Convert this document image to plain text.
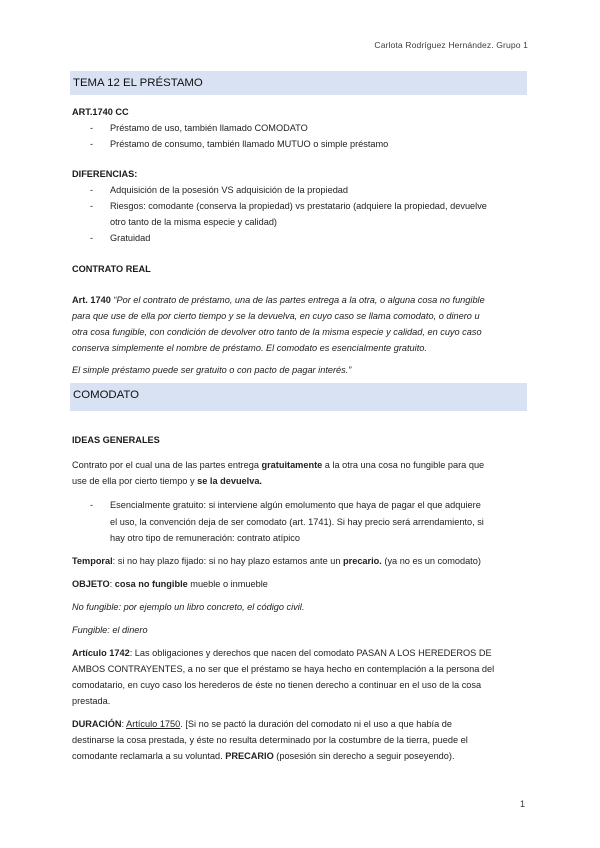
Carlota Rodríguez Hernández. Grupo 1
TEMA 12 EL PRÉSTAMO
ART.1740 CC
- Préstamo de uso, también llamado COMODATO
- Préstamo de consumo, también llamado MUTUO o simple préstamo
DIFERENCIAS:
- Adquisición de la posesión VS adquisición de la propiedad
- Riesgos: comodante (conserva la propiedad) vs prestatario (adquiere la propiedad, devuelve
otro tanto de la misma especie y calidad)
- Gratuidad
CONTRATO REAL
Art. 1740 “Por el contrato de préstamo, una de las partes entrega a la otra, o alguna cosa no fungible
para que use de ella por cierto tiempo y se la devuelva, en cuyo caso se llama comodato, o dinero u
otra cosa fungible, con condición de devolver otro tanto de la misma especie y calidad, en cuyo caso
conserva simplemente el nombre de préstamo. El comodato es esencialmente gratuito.
El simple préstamo puede ser gratuito o con pacto de pagar interés.”
COMODATO
IDEAS GENERALES
Contrato por el cual una de las partes entrega gratuitamente a la otra una cosa no fungible para que
use de ella por cierto tiempo y se la devuelva.
- Esencialmente gratuito: si interviene algún emolumento que haya de pagar el que adquiere
el uso, la convención deja de ser comodato (art. 1741). Si hay precio será arrendamiento, si
hay otro tipo de remuneración: contrato atípico
Temporal: si no hay plazo fijado: si no hay plazo estamos ante un precario. (ya no es un comodato)
OBJETO: cosa no fungible mueble o inmueble
No fungible: por ejemplo un libro concreto, el código civil.
Fungible: el dinero
Artículo 1742: Las obligaciones y derechos que nacen del comodato PASAN A LOS HEREDEROS DE
AMBOS CONTRAYENTES, a no ser que el préstamo se haya hecho en contemplación a la persona del
comodatario, en cuyo caso los herederos de éste no tienen derecho a continuar en el uso de la cosa
prestada.
DURACIÓN: Artículo 1750. [Si no se pactó la duración del comodato ni el uso a que había de
destinarse la cosa prestada, y éste no resulta determinado por la costumbre de la tierra, puede el
comodante reclamarla a su voluntad. PRECARIO (posesión sin derecho a seguir poseyendo).
1
